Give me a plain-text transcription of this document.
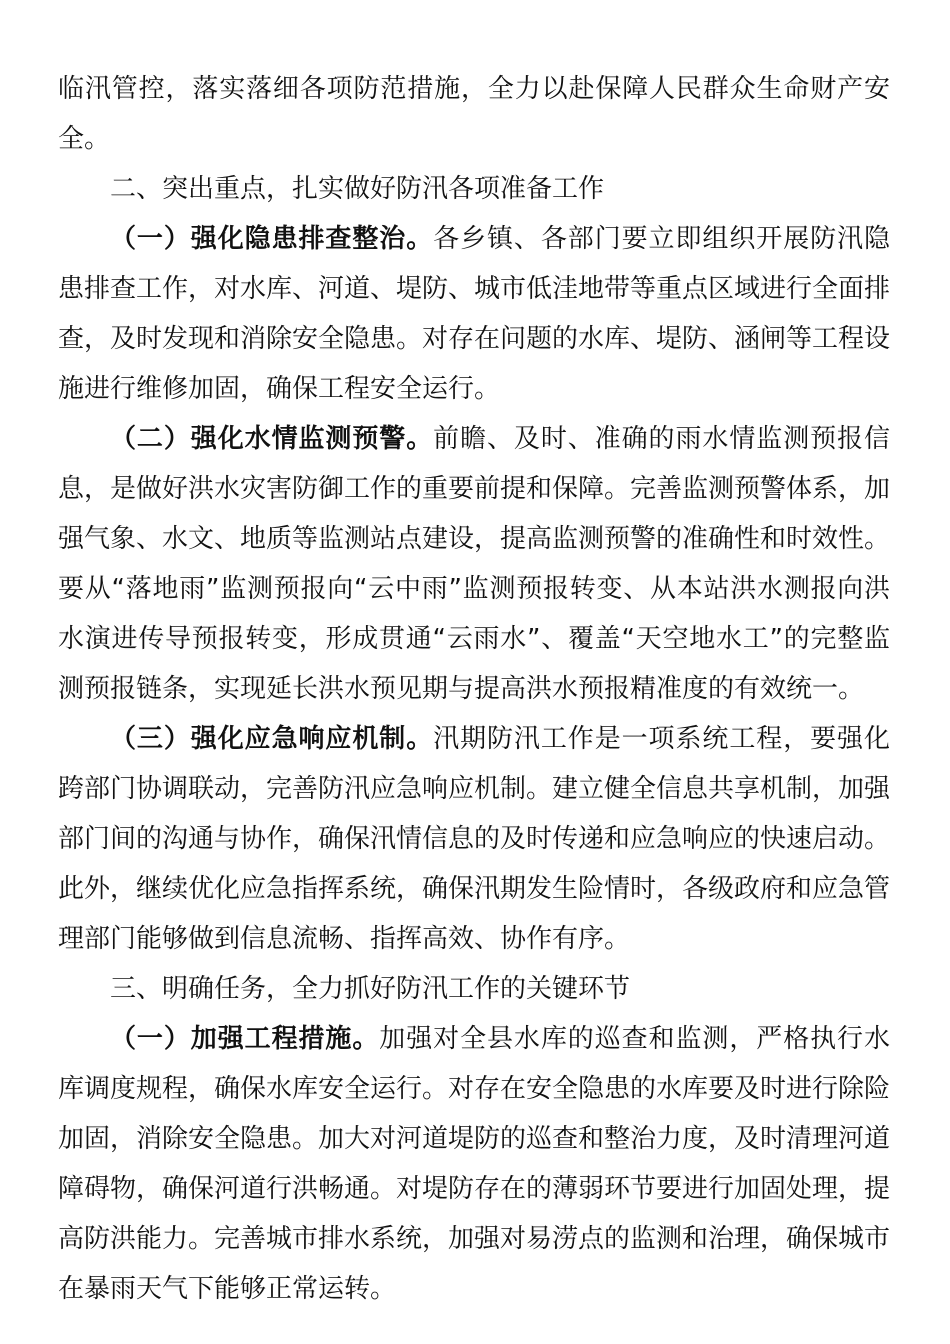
临汛管控，落实落细各项防范措施，全力以赴保障人民群众生命财产安全。

二、突出重点，扎实做好防汛各项准备工作

（一）强化隐患排查整治。各乡镇、各部门要立即组织开展防汛隐患排查工作，对水库、河道、堤防、城市低洼地带等重点区域进行全面排查，及时发现和消除安全隐患。对存在问题的水库、堤防、涵闸等工程设施进行维修加固，确保工程安全运行。

（二）强化水情监测预警。前瞻、及时、准确的雨水情监测预报信息，是做好洪水灾害防御工作的重要前提和保障。完善监测预警体系，加强气象、水文、地质等监测站点建设，提高监测预警的准确性和时效性。要从“落地雨”监测预报向“云中雨”监测预报转变、从本站洪水测报向洪水演进传导预报转变，形成贯通“云雨水”、覆盖“天空地水工”的完整监测预报链条，实现延长洪水预见期与提高洪水预报精准度的有效统一。

（三）强化应急响应机制。汛期防汛工作是一项系统工程，要强化跨部门协调联动，完善防汛应急响应机制。建立健全信息共享机制，加强部门间的沟通与协作，确保汛情信息的及时传递和应急响应的快速启动。此外，继续优化应急指挥系统，确保汛期发生险情时，各级政府和应急管理部门能够做到信息流畅、指挥高效、协作有序。

三、明确任务，全力抓好防汛工作的关键环节

（一）加强工程措施。加强对全县水库的巡查和监测，严格执行水库调度规程，确保水库安全运行。对存在安全隐患的水库要及时进行除险加固，消除安全隐患。加大对河道堤防的巡查和整治力度，及时清理河道障碍物，确保河道行洪畅通。对堤防存在的薄弱环节要进行加固处理，提高防洪能力。完善城市排水系统，加强对易涝点的监测和治理，确保城市在暴雨天气下能够正常运转。
